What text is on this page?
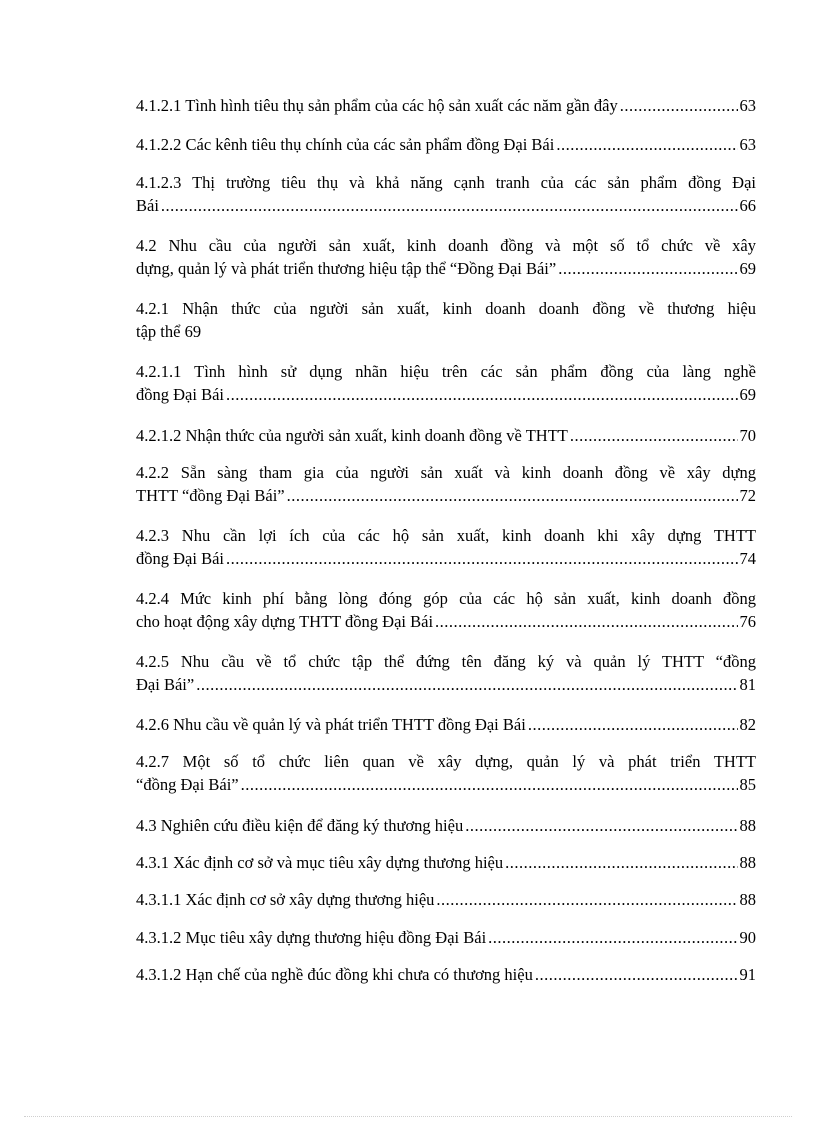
4.1.2.1 Tình hình tiêu thụ sản phẩm của các hộ sản xuất các năm gần đây .....	63
4.1.2.2 Các kênh tiêu thụ chính của các sản phẩm đồng Đại Bái .....	63
4.1.2.3 Thị trường tiêu thụ và khả năng cạnh tranh của các sản phẩm đồng Đại
Bái .....	66
4.2 Nhu cầu của người sản xuất, kinh doanh đồng và một số tổ chức về xây
dựng, quản lý và phát triển thương hiệu tập thể “Đồng Đại Bái” .....	69
4.2.1 Nhận thức của người sản xuất, kinh doanh doanh đồng về thương hiệu
tập thể 69
4.2.1.1 Tình hình sử dụng nhãn hiệu trên các sản phẩm đồng của làng nghề
đồng Đại Bái .....	69
4.2.1.2 Nhận thức của người sản xuất, kinh doanh đồng về THTT .....	70
4.2.2 Sẵn sàng tham gia của người sản xuất và kinh doanh đồng về xây dựng
THTT “đồng Đại Bái” .....	72
4.2.3 Nhu cần lợi ích của các hộ sản xuất, kinh doanh khi xây dựng THTT
đồng Đại Bái .....	74
4.2.4 Mức kinh phí bằng lòng đóng góp của các hộ sản xuất, kinh doanh đồng
cho hoạt động xây dựng THTT đồng Đại Bái .....	76
4.2.5 Nhu cầu về tổ chức tập thể đứng tên đăng ký và quản lý THTT “đồng
Đại Bái” .....	81
4.2.6 Nhu cầu về quản lý và phát triển THTT đồng Đại Bái .....	82
4.2.7 Một số tổ chức liên quan về xây dựng, quản lý và phát triển THTT
“đồng Đại Bái” .....	85
4.3 Nghiên cứu điều kiện để đăng ký thương hiệu .....	88
4.3.1 Xác định cơ sở và mục tiêu xây dựng thương hiệu .....	88
4.3.1.1 Xác định cơ sở xây dựng thương hiệu .....	88
4.3.1.2 Mục tiêu xây dựng thương hiệu đồng Đại Bái .....	90
4.3.1.2 Hạn chế của nghề đúc đồng khi chưa có thương hiệu .....	91
